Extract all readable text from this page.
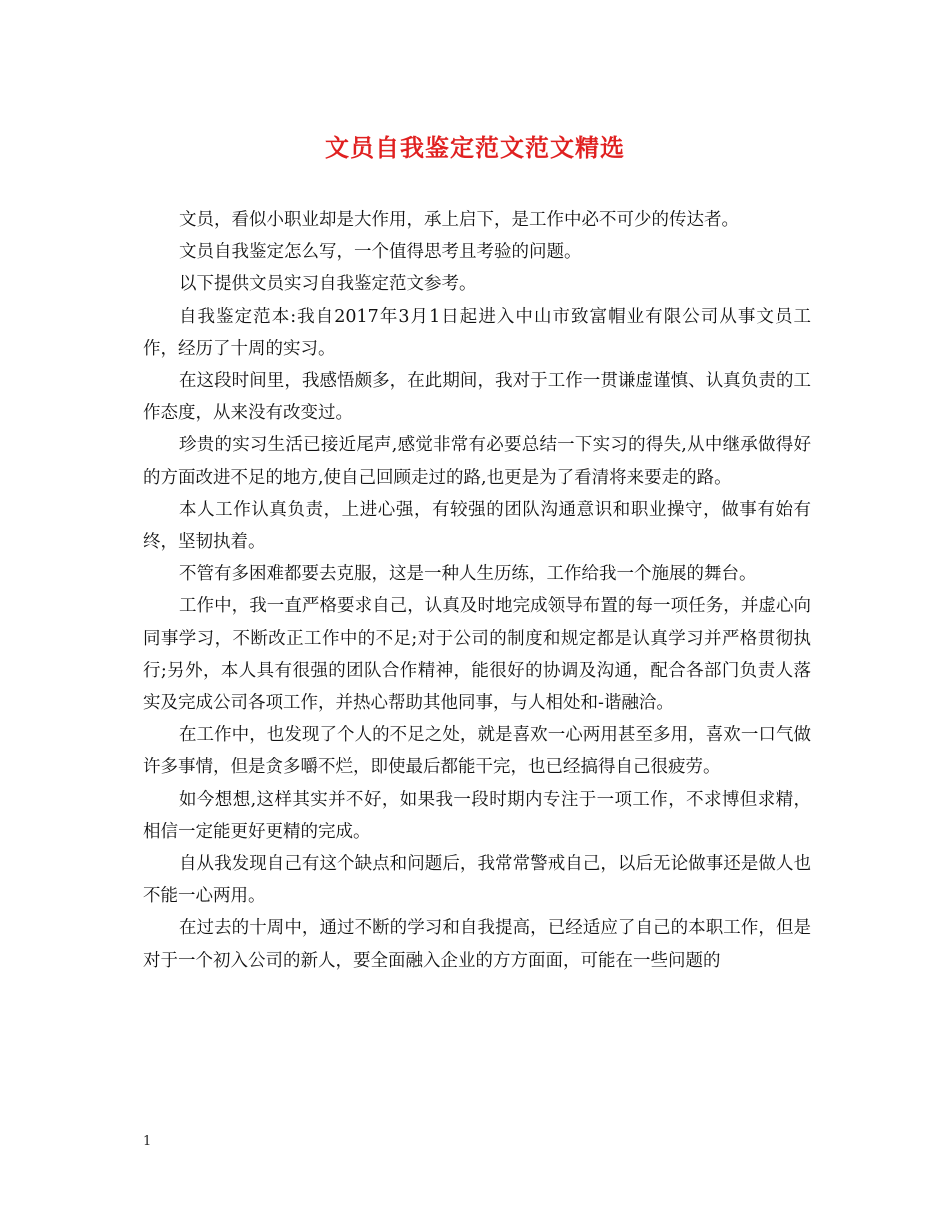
文员自我鉴定范文范文精选

文员，看似小职业却是大作用，承上启下，是工作中必不可少的传达者。

文员自我鉴定怎么写，一个值得思考且考验的问题。

以下提供文员实习自我鉴定范文参考。

自我鉴定范本:我自2017年3月1日起进入中山市致富帽业有限公司从事文员工作，经历了十周的实习。

在这段时间里，我感悟颇多，在此期间，我对于工作一贯谦虚谨慎、认真负责的工作态度，从来没有改变过。

珍贵的实习生活已接近尾声,感觉非常有必要总结一下实习的得失,从中继承做得好的方面改进不足的地方,使自己回顾走过的路,也更是为了看清将来要走的路。

本人工作认真负责，上进心强，有较强的团队沟通意识和职业操守，做事有始有终，坚韧执着。

不管有多困难都要去克服，这是一种人生历练，工作给我一个施展的舞台。

工作中，我一直严格要求自己，认真及时地完成领导布置的每一项任务，并虚心向同事学习，不断改正工作中的不足;对于公司的制度和规定都是认真学习并严格贯彻执行;另外，本人具有很强的团队合作精神，能很好的协调及沟通，配合各部门负责人落实及完成公司各项工作，并热心帮助其他同事，与人相处和-谐融洽。

在工作中，也发现了个人的不足之处，就是喜欢一心两用甚至多用，喜欢一口气做许多事情，但是贪多嚼不烂，即使最后都能干完，也已经搞得自己很疲劳。

如今想想,这样其实并不好，如果我一段时期内专注于一项工作，不求博但求精，相信一定能更好更精的完成。

自从我发现自己有这个缺点和问题后，我常常警戒自己，以后无论做事还是做人也不能一心两用。

在过去的十周中，通过不断的学习和自我提高，已经适应了自己的本职工作，但是对于一个初入公司的新人，要全面融入企业的方方面面，可能在一些问题的

1
